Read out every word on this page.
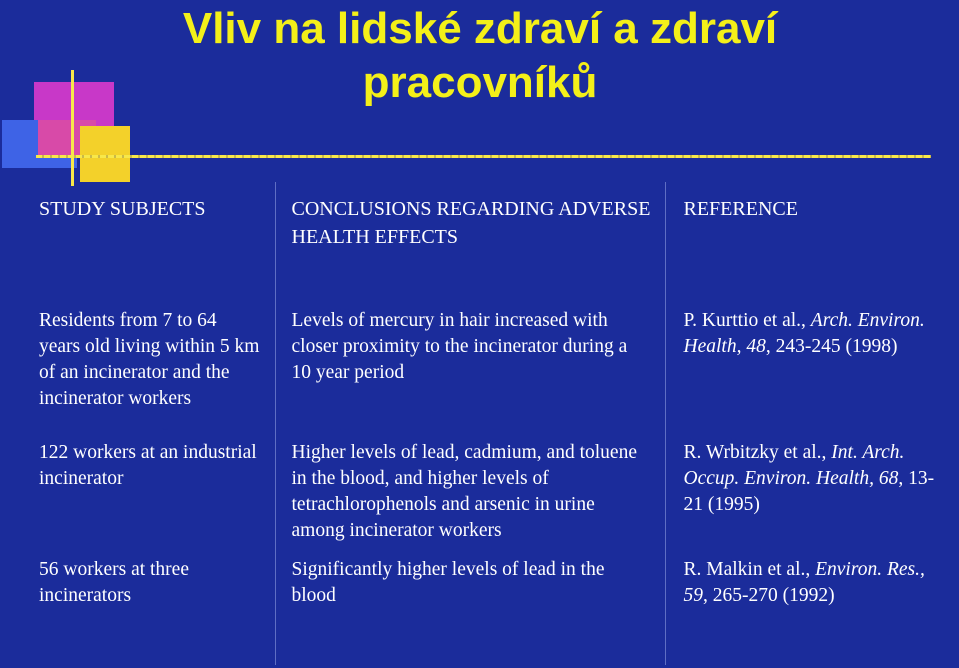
Vliv na lidské zdraví a zdraví pracovníků
STUDY SUBJECTS	CONCLUSIONS REGARDING ADVERSE HEALTH EFFECTS	REFERENCE
Residents from 7 to 64 years old living within 5 km of an incinerator and the incinerator workers	Levels of mercury in hair increased with closer proximity to the incinerator during a 10 year period	P. Kurttio et al., Arch. Environ. Health, 48, 243-245 (1998)
122 workers at an industrial incinerator	Higher levels of lead, cadmium, and toluene in the blood, and higher levels of tetrachlorophenols and arsenic in urine among incinerator workers	R. Wrbitzky et al., Int. Arch. Occup. Environ. Health, 68, 13-21 (1995)
56 workers at three incinerators	Significantly higher levels of lead in the blood	R. Malkin et al., Environ. Res., 59, 265-270 (1992)
